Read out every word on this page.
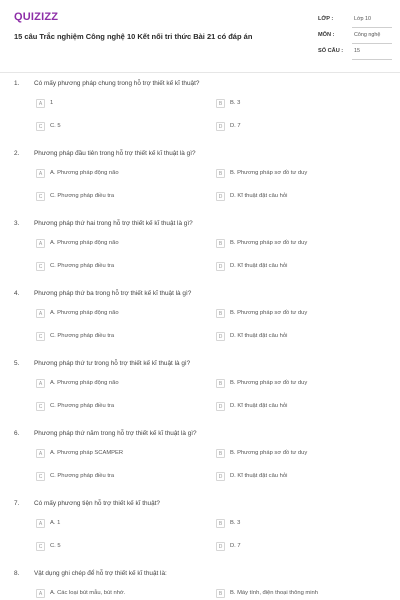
QUIZIZZ
15 câu Trắc nghiệm Công nghệ 10 Kết nối tri thức Bài 21 có đáp án
LỚP :	Lớp 10
MÔN :	Công nghệ
SỐ CÂU : 15
1. Có mấy phương pháp chung trong hỗ trợ thiết kế kĩ thuật?
A	1	B	B. 3
C	C. 5	D	D. 7
2. Phương pháp đầu tiên trong hỗ trợ thiết kế kĩ thuật là gì?
A	A. Phương pháp động não	B	B. Phương pháp sơ đồ tư duy
C	C. Phương pháp điều tra	D	D. Kĩ thuật đặt câu hỏi
3. Phương pháp thứ hai trong hỗ trợ thiết kế kĩ thuật là gì?
A	A. Phương pháp động não	B	B. Phương pháp sơ đồ tư duy
C	C. Phương pháp điều tra	D	D. Kĩ thuật đặt câu hỏi
4. Phương pháp thứ ba trong hỗ trợ thiết kế kĩ thuật là gì?
A	A. Phương pháp động não	B	B. Phương pháp sơ đồ tư duy
C	C. Phương pháp điều tra	D	D. Kĩ thuật đặt câu hỏi
5. Phương pháp thứ tư trong hỗ trợ thiết kế kĩ thuật là gì?
A	A. Phương pháp động não	B	B. Phương pháp sơ đồ tư duy
C	C. Phương pháp điều tra	D	D. Kĩ thuật đặt câu hỏi
6. Phương pháp thứ năm trong hỗ trợ thiết kế kĩ thuật là gì?
A	A. Phương pháp SCAMPER	B	B. Phương pháp sơ đồ tư duy
C	C. Phương pháp điều tra	D	D. Kĩ thuật đặt câu hỏi
7. Có mấy phương tiện hỗ trợ thiết kế kĩ thuật?
A	A. 1	B	B. 3
C	C. 5	D	D. 7
8. Vật dụng ghi chép để hỗ trợ thiết kế kĩ thuật là:
A	A. Các loại bút mẫu, bút nhớ.	B	B. Máy tính, điện thoại thông minh
